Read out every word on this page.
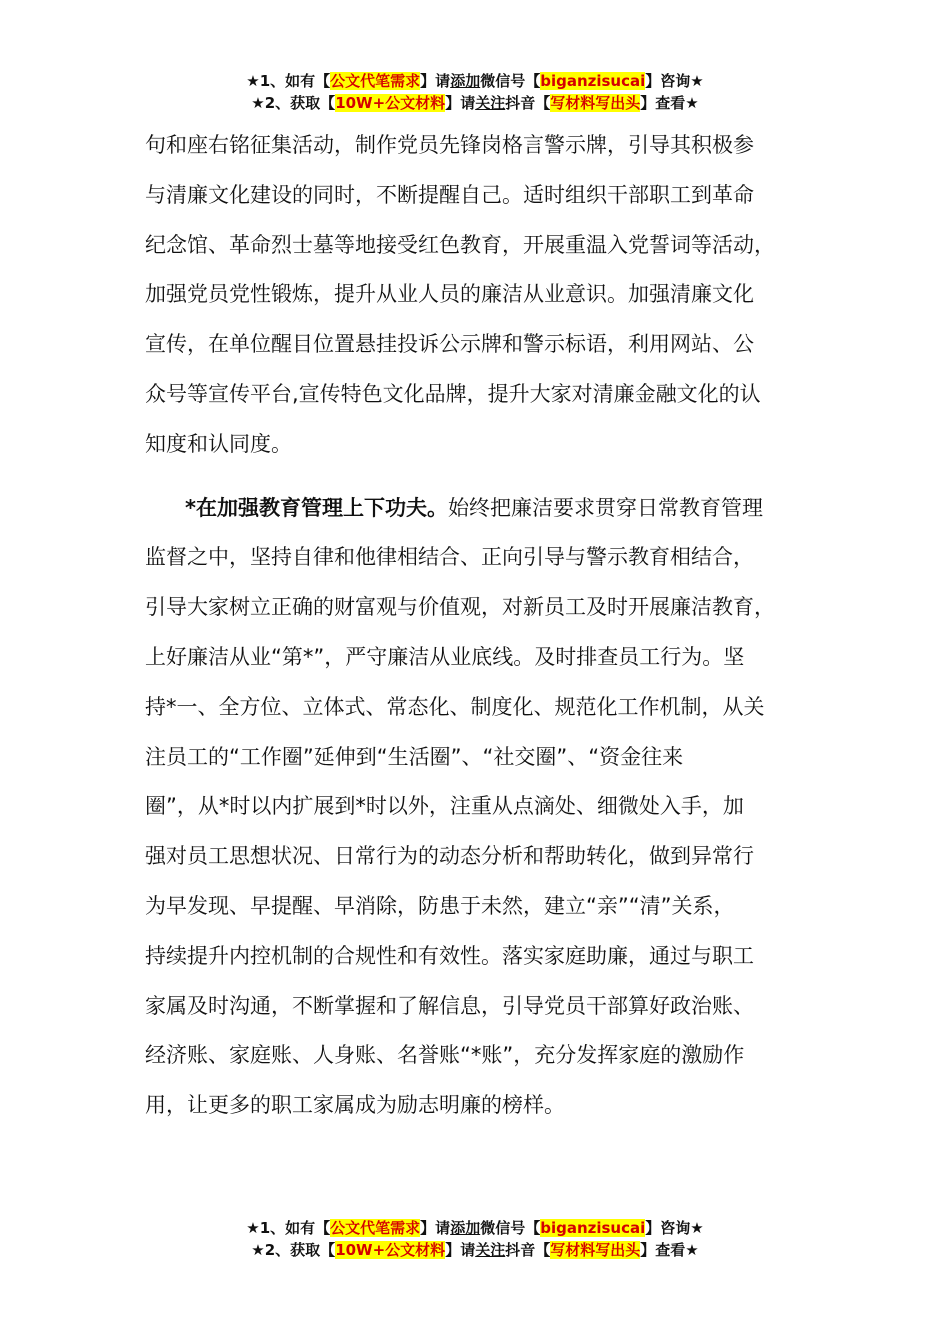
★1、如有【公文代笔需求】请添加微信号【biganzisucai】咨询★
★2、获取【10W+公文材料】请关注抖音【写材料写出头】查看★
句和座右铭征集活动，制作党员先锋岗格言警示牌，引导其积极参
与清廉文化建设的同时，不断提醒自己。适时组织干部职工到革命
纪念馆、革命烈士墓等地接受红色教育，开展重温入党誓词等活动，
加强党员党性锻炼，提升从业人员的廉洁从业意识。加强清廉文化
宣传，在单位醒目位置悬挂投诉公示牌和警示标语，利用网站、公
众号等宣传平台,宣传特色文化品牌，提升大家对清廉金融文化的认
知度和认同度。
*在加强教育管理上下功夫。始终把廉洁要求贯穿日常教育管理
监督之中，坚持自律和他律相结合、正向引导与警示教育相结合，
引导大家树立正确的财富观与价值观，对新员工及时开展廉洁教育，
上好廉洁从业“第*”，严守廉洁从业底线。及时排查员工行为。坚
持*一、全方位、立体式、常态化、制度化、规范化工作机制，从关
注员工的“工作圈”延伸到“生活圈”、“社交圈”、“资金往来
圈”，从*时以内扩展到*时以外，注重从点滴处、细微处入手，加
强对员工思想状况、日常行为的动态分析和帮助转化，做到异常行
为早发现、早提醒、早消除，防患于未然，建立“亲”“清”关系，
持续提升内控机制的合规性和有效性。落实家庭助廉，通过与职工
家属及时沟通，不断掌握和了解信息，引导党员干部算好政治账、
经济账、家庭账、人身账、名誉账“*账”，充分发挥家庭的激励作
用，让更多的职工家属成为励志明廉的榜样。
★1、如有【公文代笔需求】请添加微信号【biganzisucai】咨询★
★2、获取【10W+公文材料】请关注抖音【写材料写出头】查看★
